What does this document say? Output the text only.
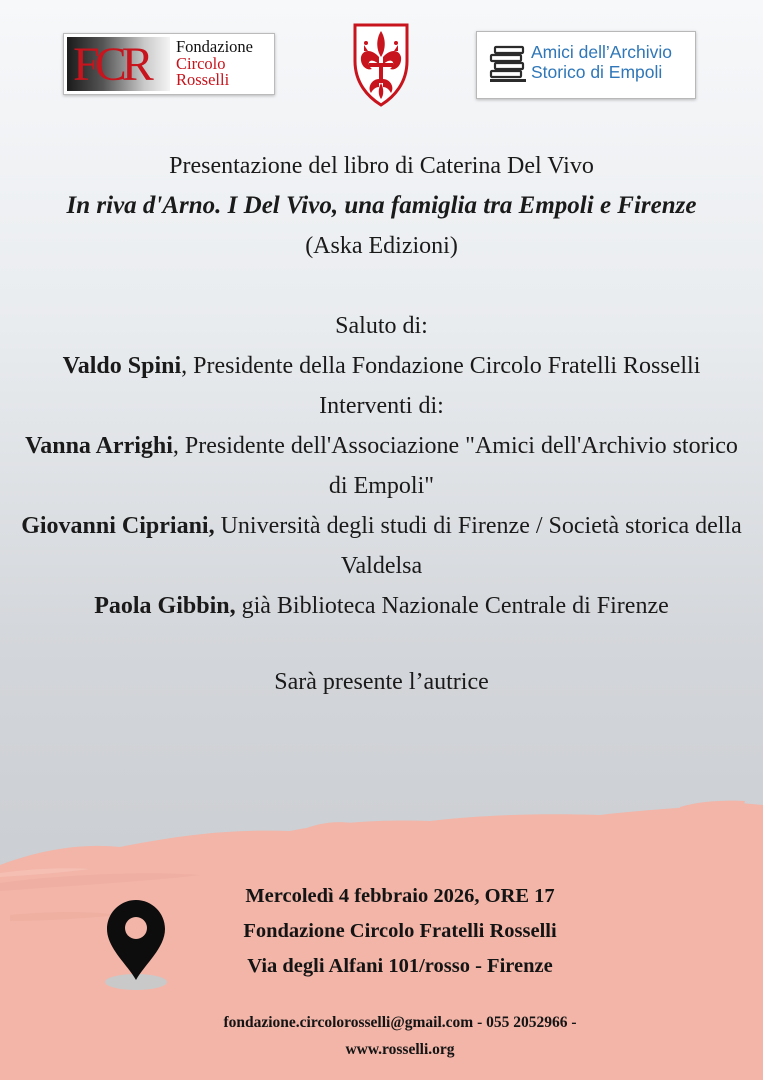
FCR Fondazione
Circolo
Rosselli
Amici dell’Archivio
Storico di Empoli

Presentazione del libro di Caterina Del Vivo

In riva d'Arno. I Del Vivo, una famiglia tra Empoli e Firenze

(Aska Edizioni)

Saluto di:

Valdo Spini, Presidente della Fondazione Circolo Fratelli Rosselli

Interventi di:

Vanna Arrighi, Presidente dell'Associazione "Amici dell'Archivio storico di Empoli"

Giovanni Cipriani, Università degli studi di Firenze / Società storica della Valdelsa

Paola Gibbin, già Biblioteca Nazionale Centrale di Firenze

Sarà presente l’autrice

Mercoledì 4 febbraio 2026, ORE 17

Fondazione Circolo Fratelli Rosselli

Via degli Alfani 101/rosso - Firenze

fondazione.circolorosselli@gmail.com - 055 2052966 -

www.rosselli.org
